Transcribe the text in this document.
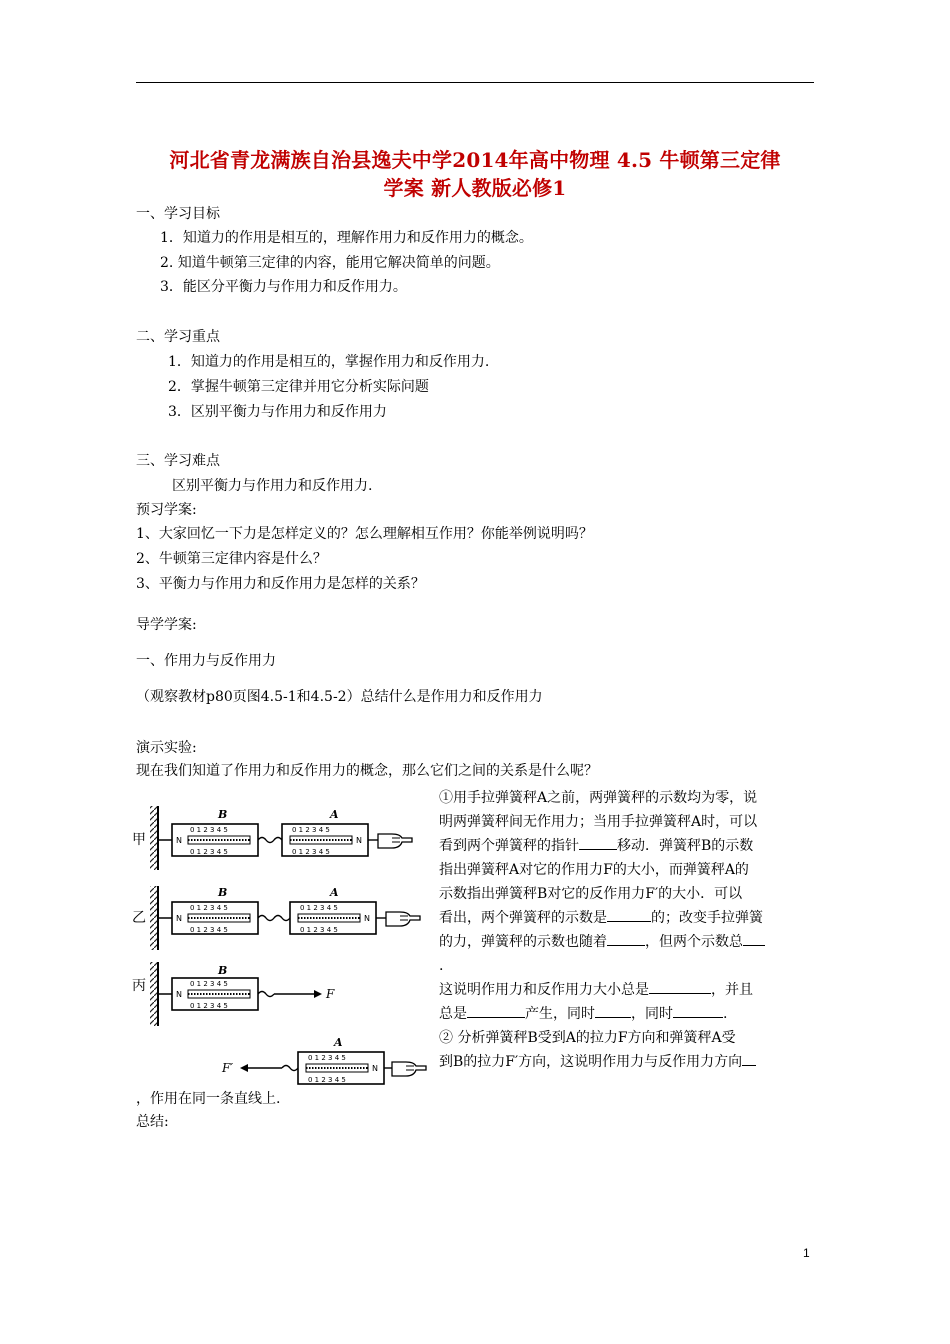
河北省青龙满族自治县逸夫中学2014年高中物理 4.5 牛顿第三定律
学案 新人教版必修1
一、学习目标
1．知道力的作用是相互的，理解作用力和反作用力的概念。
2. 知道牛顿第三定律的内容，能用它解决简单的问题。
3．能区分平衡力与作用力和反作用力。
二、学习重点
1．知道力的作用是相互的，掌握作用力和反作用力.
2．掌握牛顿第三定律并用它分析实际问题
3．区别平衡力与作用力和反作用力
三、学习难点
区别平衡力与作用力和反作用力.
预习学案:
1、大家回忆一下力是怎样定义的？怎么理解相互作用？你能举例说明吗？
2、牛顿第三定律内容是什么？
3、平衡力与作用力和反作用力是怎样的关系？
导学学案:
一、作用力与反作用力
（观察教材p80页图4.5-1和4.5-2）总结什么是作用力和反作用力
演示实验:
现在我们知道了作用力和反作用力的概念，那么它们之间的关系是什么呢？
甲
乙
丙
B	A
0 1 2 3 4 5
0 1 2 3 4 5
N
0 1 2 3 4 5
0 1 2 3 4 5
N
B	A
0 1 2 3 4 5
0 1 2 3 4 5
N
0 1 2 3 4 5
0 1 2 3 4 5
N
B
0 1 2 3 4 5
0 1 2 3 4 5
N	F
A
F′
0 1 2 3 4 5
0 1 2 3 4 5
N

①用手拉弹簧秤A之前，两弹簧秤的示数均为零，说

明两弹簧秤间无作用力；当用手拉弹簧秤A时，可以

看到两个弹簧秤的指针	移动．弹簧秤B的示数

指出弹簧秤A对它的作用力F的大小，而弹簧秤A的

示数指出弹簧秤B对它的反作用力F′的大小．可以

看出，两个弹簧秤的示数是	的；改变手拉弹簧

的力，弹簧秤的示数也随着	，但两个示数总

.

这说明作用力和反作用力大小总是	，并且

总是	产生，同时	，同时	.

② 分析弹簧秤B受到A的拉力F方向和弹簧秤A受

到B的拉力F′方向，这说明作用力与反作用力方向

，作用在同一条直线上.
总结:
1
